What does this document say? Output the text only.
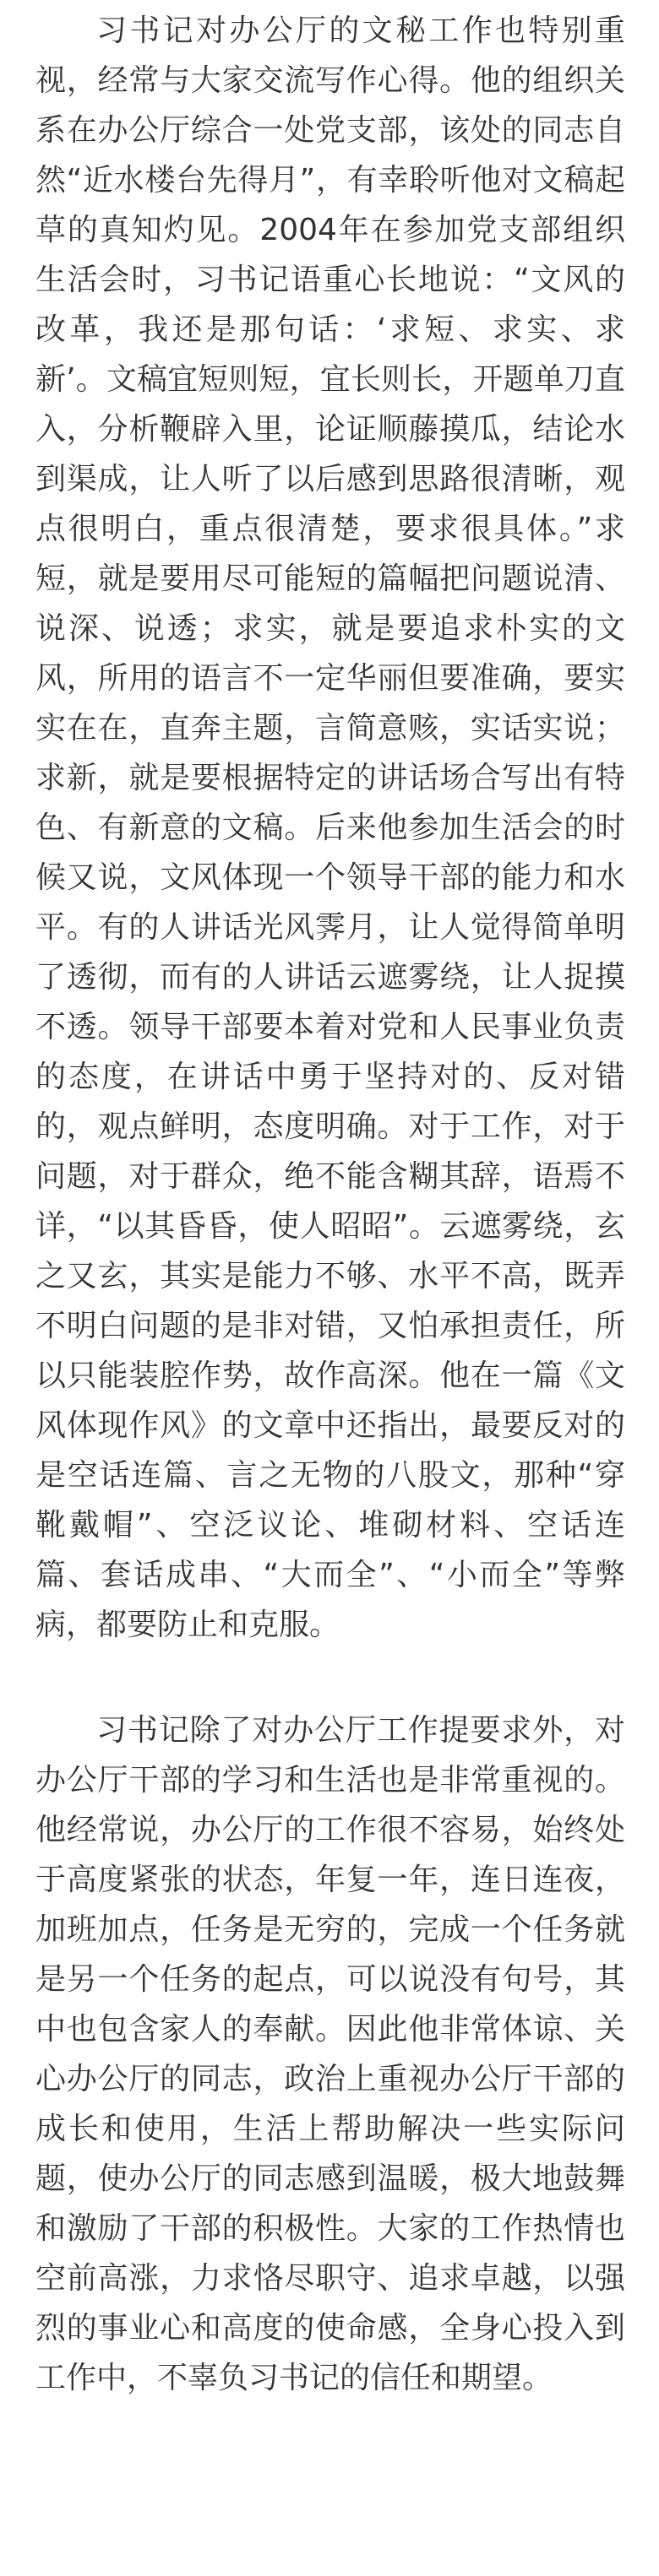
习书记对办公厅的文秘工作也特别重视，经常与大家交流写作心得。他的组织关系在办公厅综合一处党支部，该处的同志自然“近水楼台先得月”，有幸聆听他对文稿起草的真知灼见。2004年在参加党支部组织生活会时，习书记语重心长地说：“文风的改革，我还是那句话：‘求短、求实、求新’。文稿宜短则短，宜长则长，开题单刀直入，分析鞭辟入里，论证顺藤摸瓜，结论水到渠成，让人听了以后感到思路很清晰，观点很明白，重点很清楚，要求很具体。”求短，就是要用尽可能短的篇幅把问题说清、说深、说透；求实，就是要追求朴实的文风，所用的语言不一定华丽但要准确，要实实在在，直奔主题，言简意赅，实话实说；求新，就是要根据特定的讲话场合写出有特色、有新意的文稿。后来他参加生活会的时候又说，文风体现一个领导干部的能力和水平。有的人讲话光风霁月，让人觉得简单明了透彻，而有的人讲话云遮雾绕，让人捉摸不透。领导干部要本着对党和人民事业负责的态度，在讲话中勇于坚持对的、反对错的，观点鲜明，态度明确。对于工作，对于问题，对于群众，绝不能含糊其辞，语焉不详，“以其昏昏，使人昭昭”。云遮雾绕，玄之又玄，其实是能力不够、水平不高，既弄不明白问题的是非对错，又怕承担责任，所以只能装腔作势，故作高深。他在一篇《文风体现作风》的文章中还指出，最要反对的是空话连篇、言之无物的八股文，那种“穿靴戴帽”、空泛议论、堆砌材料、空话连篇、套话成串、“大而全”、“小而全”等弊病，都要防止和克服。

习书记除了对办公厅工作提要求外，对办公厅干部的学习和生活也是非常重视的。他经常说，办公厅的工作很不容易，始终处于高度紧张的状态，年复一年，连日连夜，加班加点，任务是无穷的，完成一个任务就是另一个任务的起点，可以说没有句号，其中也包含家人的奉献。因此他非常体谅、关心办公厅的同志，政治上重视办公厅干部的成长和使用，生活上帮助解决一些实际问题，使办公厅的同志感到温暖，极大地鼓舞和激励了干部的积极性。大家的工作热情也空前高涨，力求恪尽职守、追求卓越，以强烈的事业心和高度的使命感，全身心投入到工作中，不辜负习书记的信任和期望。
